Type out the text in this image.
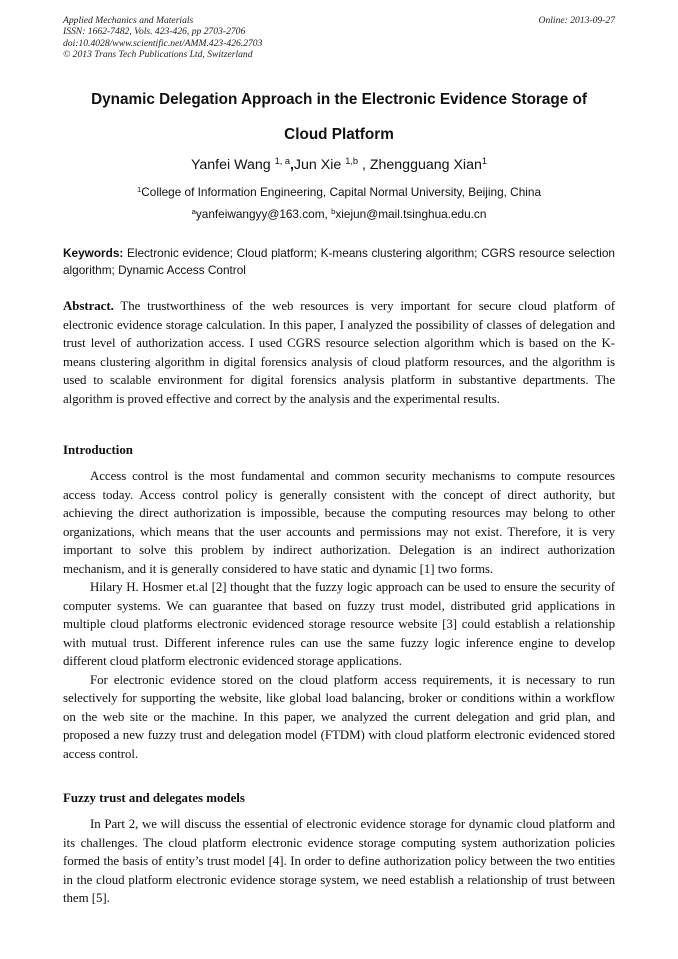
Applied Mechanics and Materials
ISSN: 1662-7482, Vols. 423-426, pp 2703-2706
doi:10.4028/www.scientific.net/AMM.423-426.2703
© 2013 Trans Tech Publications Ltd, Switzerland
Online: 2013-09-27
Dynamic Delegation Approach in the Electronic Evidence Storage of
Cloud Platform
Yanfei Wang $^{1, a}$,Jun Xie $^{1,b}$ , Zhengguang Xian$^1$
$^1$College of Information Engineering, Capital Normal University, Beijing, China
$^a$yanfeiwangyy@163.com, $^b$xiejun@mail.tsinghua.edu.cn
Keywords: Electronic evidence; Cloud platform; K-means clustering algorithm; CGRS resource selection algorithm; Dynamic Access Control

Abstract. The trustworthiness of the web resources is very important for secure cloud platform of electronic evidence storage calculation. In this paper, I analyzed the possibility of classes of delegation and trust level of authorization access. I used CGRS resource selection algorithm which is based on the K-means clustering algorithm in digital forensics analysis of cloud platform resources, and the algorithm is used to scalable environment for digital forensics analysis platform in substantive departments. The algorithm is proved effective and correct by the analysis and the experimental results.

Introduction

Access control is the most fundamental and common security mechanisms to compute resources access today. Access control policy is generally consistent with the concept of direct authority, but achieving the direct authorization is impossible, because the computing resources may belong to other organizations, which means that the user accounts and permissions may not exist. Therefore, it is very important to solve this problem by indirect authorization. Delegation is an indirect authorization mechanism, and it is generally considered to have static and dynamic [1] two forms.

Hilary H. Hosmer et.al [2] thought that the fuzzy logic approach can be used to ensure the security of computer systems. We can guarantee that based on fuzzy trust model, distributed grid applications in multiple cloud platforms electronic evidenced storage resource website [3] could establish a relationship with mutual trust. Different inference rules can use the same fuzzy logic inference engine to develop different cloud platform electronic evidenced storage applications.

For electronic evidence stored on the cloud platform access requirements, it is necessary to run selectively for supporting the website, like global load balancing, broker or conditions within a workflow on the web site or the machine. In this paper, we analyzed the current delegation and grid plan, and proposed a new fuzzy trust and delegation model (FTDM) with cloud platform electronic evidenced stored access control.

Fuzzy trust and delegates models

In Part 2, we will discuss the essential of electronic evidence storage for dynamic cloud platform and its challenges. The cloud platform electronic evidence storage computing system authorization policies formed the basis of entity’s trust model [4]. In order to define authorization policy between the two entities in the cloud platform electronic evidence storage system, we need establish a relationship of trust between them [5].
